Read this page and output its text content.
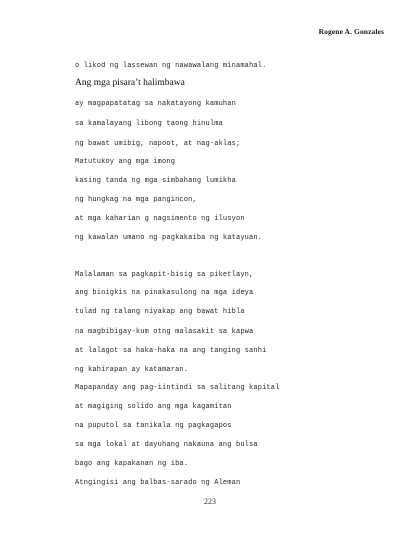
Rogene A. Gonzales
o likod ng lassewan ng nawawalang minamahal.
Ang mga pisara’t halimbawa
ay magpapatatag sa nakatayong kamuhan
sa kamalayang libong taong hinulma
ng bawat umibig, napoot, at nag-aklas;
Matutukoy ang mga imong
kasing tanda ng mga simbahang lumikha
ng hungkag na mga pangincon,
at mga kaharian g nagsimento ng ilusyon
ng kawalan umano ng pagkakaiba ng katayuan.
Malalaman sa pagkapit-bisig sa piketlayn,
ang binigkis na pinakasulong na mga ideya
tulad ng talang niyakap ang bawat hibla
na magbibigay-kum otng malasakit sa kapwa
at lalagot sa haka-haka na ang tanging sanhi
ng kahirapan ay katamaran.
Mapapanday ang pag-iintindi sa salitang kapital
at magiging solido ang mga kagamitan
na puputol sa tanikala ng pagkagapos
sa mga lokal at dayuhang nakauna ang bulsa
bago ang kapakanan ng iba.
Atngingisi ang balbas-sarado ng Aleman
223
